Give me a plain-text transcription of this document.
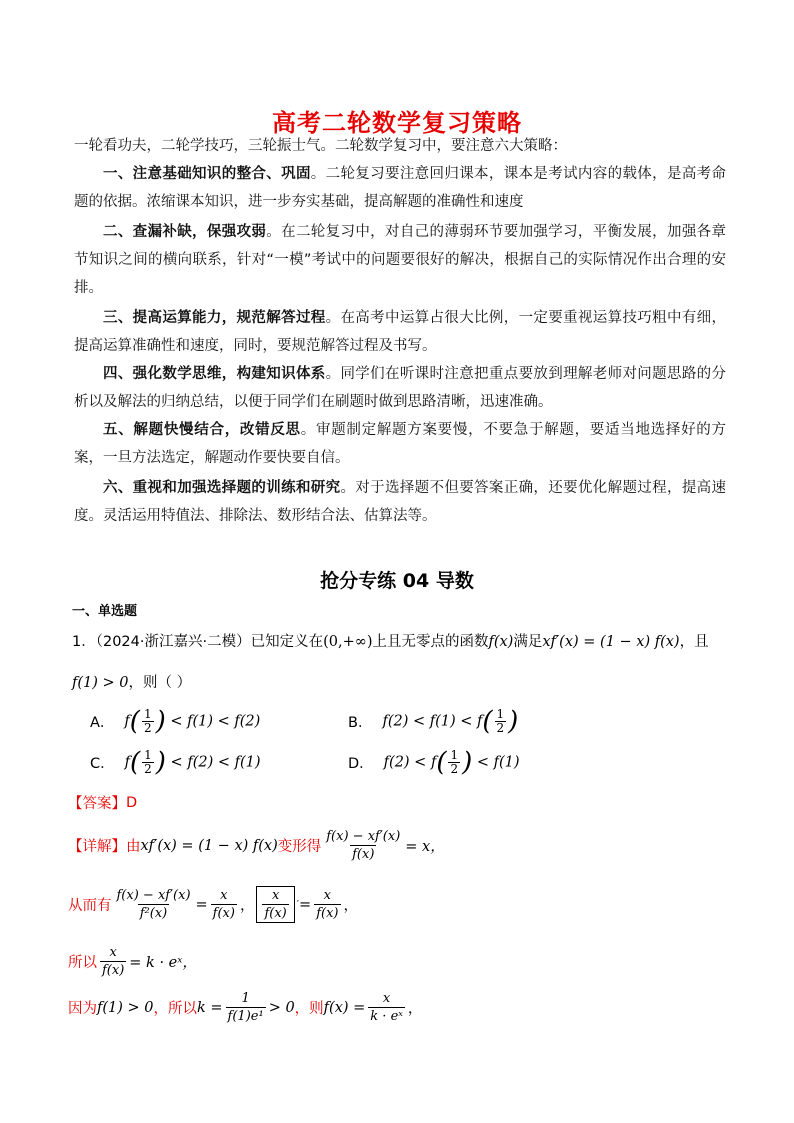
高考二轮数学复习策略
一轮看功夫，二轮学技巧，三轮振士气。二轮数学复习中，要注意六大策略：
一、注意基础知识的整合、巩固。二轮复习要注意回归课本，课本是考试内容的载体，是高考命题的依据。浓缩课本知识，进一步夯实基础，提高解题的准确性和速度
二、查漏补缺，保强攻弱。在二轮复习中，对自己的薄弱环节要加强学习，平衡发展，加强各章节知识之间的横向联系，针对“一模”考试中的问题要很好的解决，根据自己的实际情况作出合理的安排。
三、提高运算能力，规范解答过程。在高考中运算占很大比例，一定要重视运算技巧粗中有细，提高运算准确性和速度，同时，要规范解答过程及书写。
四、强化数学思维，构建知识体系。同学们在听课时注意把重点要放到理解老师对问题思路的分析以及解法的归纳总结，以便于同学们在刷题时做到思路清晰，迅速准确。
五、解题快慢结合，改错反思。审题制定解题方案要慢，不要急于解题，要适当地选择好的方案，一旦方法选定，解题动作要快要自信。
六、重视和加强选择题的训练和研究。对于选择题不但要答案正确，还要优化解题过程，提高速度。灵活运用特值法、排除法、数形结合法、估算法等。
抢分专练 04 导数
一、单选题
1．（2024·浙江嘉兴·二模）已知定义在(0,+∞)上且无零点的函数f(x)满足xf′(x) = (1 − x) f(x)，且
f(1) > 0，则（ ）
A． $f( \frac{1}{2}$ ) < f(1) < f(2)	B． $f(2) < f(1) < f( \frac{1}{2}$ )
C． $f( \frac{1}{2}$ ) < f(2) < f(1)	D． $f(2) < f( \frac{1}{2}$ ) < f(1)
【答案】 D
【详解】 由 xf′(x) = (1 − x) f(x) 变形得 $\frac{f(x) - xf'(x)}{f(x)} = x$，
从而有 $\frac{f(x) - xf'(x)}{\text{f²(x)}} = \frac{x}{f(x)}$ ， $\frac{x}{f(x)}$ ′ = $\frac{x}{f(x)}$ ，
所以 $\frac{x}{f(x)} = k$ · eˣ，
因为 f(1) > 0 ，所以 $k = \frac{1}{\text{f(1)e¹}} > 0$ ，则 $f(x) = \frac{x}{\text{k · eˣ}}$ ，
